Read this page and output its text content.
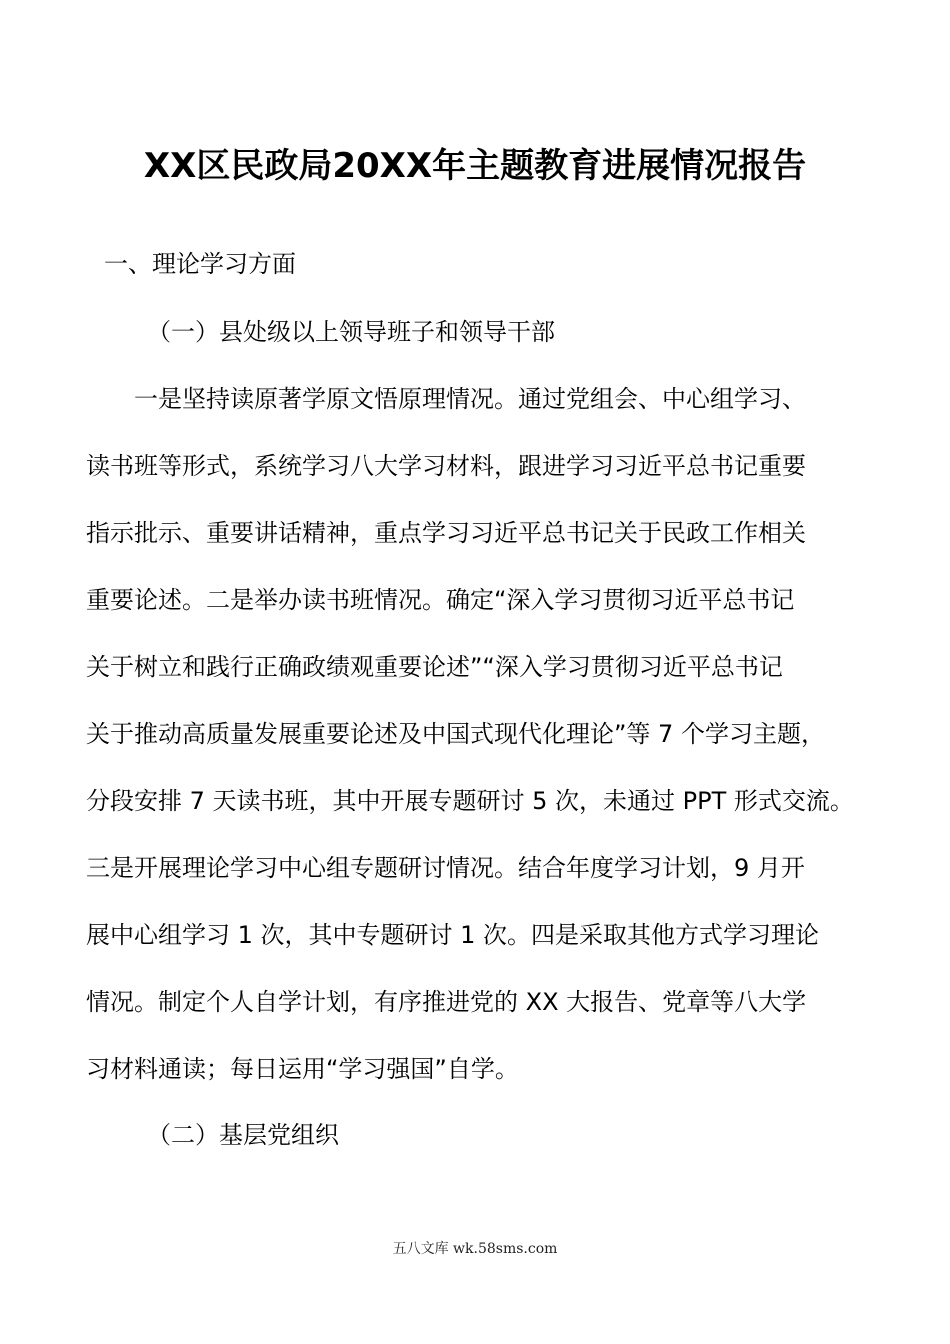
XX区民政局20XX年主题教育进展情况报告

一、理论学习方面

（一）县处级以上领导班子和领导干部

一是坚持读原著学原文悟原理情况。通过党组会、中心组学习、
读书班等形式，系统学习八大学习材料，跟进学习习近平总书记重要
指示批示、重要讲话精神，重点学习习近平总书记关于民政工作相关
重要论述。二是举办读书班情况。确定“深入学习贯彻习近平总书记
关于树立和践行正确政绩观重要论述”“深入学习贯彻习近平总书记
关于推动高质量发展重要论述及中国式现代化理论”等 7 个学习主题，
分段安排 7 天读书班，其中开展专题研讨 5 次，未通过 PPT 形式交流。
三是开展理论学习中心组专题研讨情况。结合年度学习计划，9 月开
展中心组学习 1 次，其中专题研讨 1 次。四是采取其他方式学习理论
情况。制定个人自学计划，有序推进党的 XX 大报告、党章等八大学
习材料通读；每日运用“学习强国”自学。

（二）基层党组织

五八文库 wk.58sms.com
